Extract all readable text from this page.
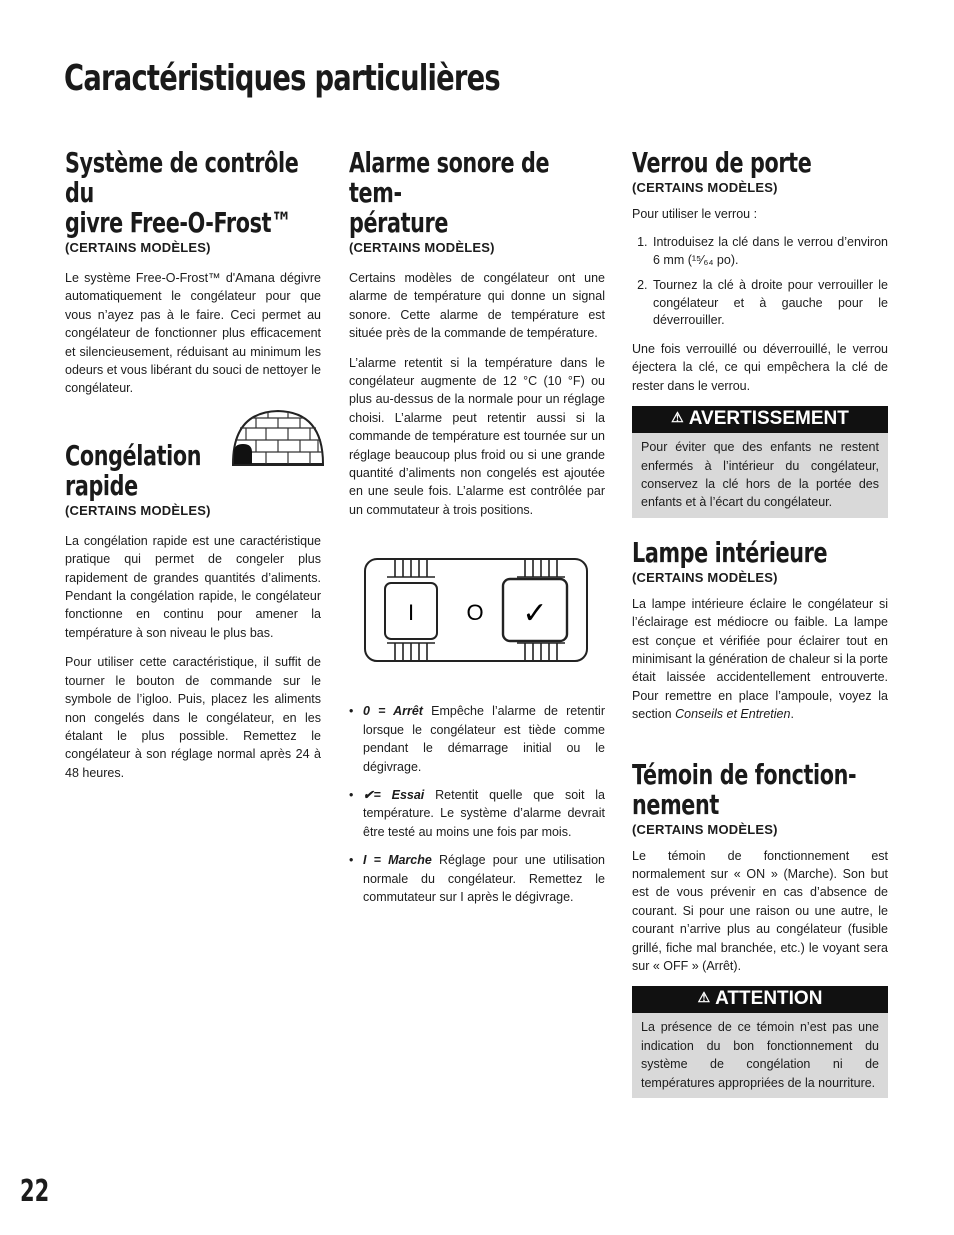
Caractéristiques particulières
Système de contrôle du
givre Free-O-Frost™
(CERTAINS MODÈLES)

Le système Free-O-Frost™ d'Amana dégivre automatiquement le congélateur pour que vous n’ayez pas à le faire. Ceci permet au congélateur de fonctionner plus efficacement et silencieusement, réduisant au minimum les odeurs et vous libérant du souci de nettoyer le congélateur.

Congélation
rapide
(CERTAINS MODÈLES)

La congélation rapide est une caractéristique pratique qui permet de congeler plus rapidement de grandes quantités d’aliments. Pendant la congélation rapide, le congélateur fonctionne en continu pour amener la température à son niveau le plus bas.

Pour utiliser cette caractéristique, il suffit de tourner le bouton de commande sur le symbole de l’igloo. Puis, placez les aliments non congelés dans le congélateur, en les étalant le plus possible. Remettez le congélateur à son réglage normal après 24 à 48 heures.

Alarme sonore de tem-
pérature
(CERTAINS MODÈLES)

Certains modèles de congélateur ont une alarme de température qui donne un signal sonore. Cette alarme de température est située près de la commande de température.

L’alarme retentit si la température dans le congélateur augmente de 12 °C (10 °F) ou plus au-dessus de la normale pour un réglage choisi. L’alarme peut retentir aussi si la commande de température est tournée sur un réglage beaucoup plus froid ou si une grande quantité d’aliments non congelés est ajoutée en une seule fois. L’alarme est contrôlée par un commutateur à trois positions.

I O ✓
• 0 = Arrêt Empêche l’alarme de retentir lorsque le congélateur est tiède comme pendant le démarrage initial ou le dégivrage.
• ✔= Essai Retentit quelle que soit la température. Le système d’alarme devrait être testé au moins une fois par mois.
• I = Marche Réglage pour une utilisation normale du congélateur. Remettez le commutateur sur I après le dégivrage.
Verrou de porte
(CERTAINS MODÈLES)

Pour utiliser le verrou :

1. Introduisez la clé dans le verrou d’environ 6 mm (¹⁵⁄₆₄ po).
2. Tournez la clé à droite pour verrouiller le congélateur et à gauche pour le déverrouiller.

Une fois verrouillé ou déverrouillé, le verrou éjectera la clé, ce qui empêchera la clé de rester dans le verrou.

⚠ AVERTISSEMENT

Pour éviter que des enfants ne restent enfermés à l’intérieur du congélateur, conservez la clé hors de la portée des enfants et à l’écart du congélateur.

Lampe intérieure
(CERTAINS MODÈLES)

La lampe intérieure éclaire le congélateur si l’éclairage est médiocre ou faible. La lampe est conçue et vérifiée pour éclairer tout en minimisant la génération de chaleur si la porte était laissée accidentellement entrouverte. Pour remettre en place l’ampoule, voyez la section Conseils et Entretien.

Témoin de fonction-
nement
(CERTAINS MODÈLES)

Le témoin de fonctionnement est normalement sur « ON » (Marche). Son but est de vous prévenir en cas d’absence de courant. Si pour une raison ou une autre, le courant n’arrive plus au congélateur (fusible grillé, fiche mal branchée, etc.) le voyant sera sur « OFF » (Arrêt).

⚠ ATTENTION

La présence de ce témoin n’est pas une indication du bon fonctionnement du système de congélation ni de températures appropriées de la nourriture.

22
